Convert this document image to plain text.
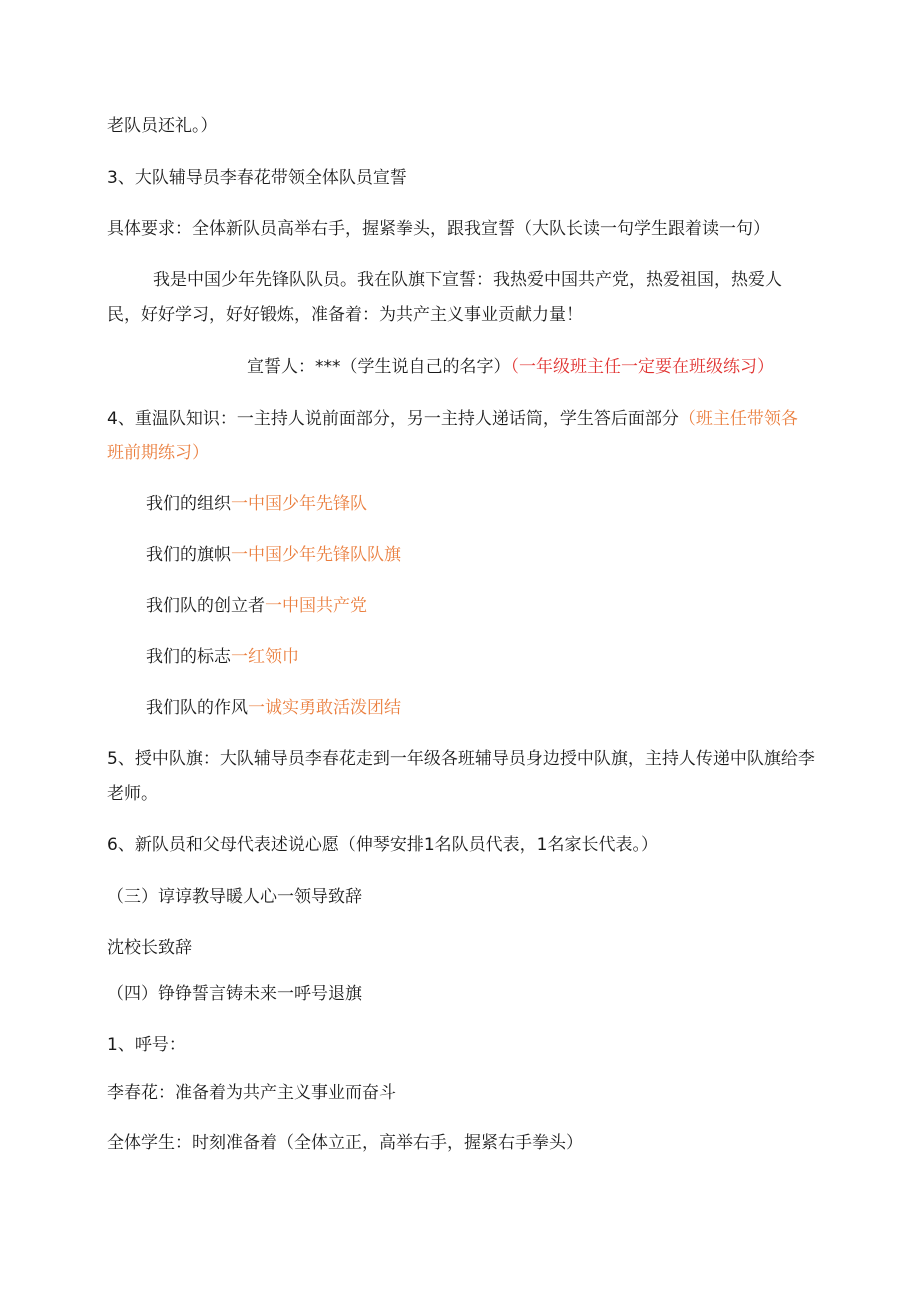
老队员还礼。）
3、大队辅导员李春花带领全体队员宣誓
具体要求：全体新队员高举右手，握紧拳头，跟我宣誓（大队长读一句学生跟着读一句）
我是中国少年先锋队队员。我在队旗下宣誓：我热爱中国共产党，热爱祖国，热爱人
民，好好学习，好好锻炼，准备着：为共产主义事业贡献力量！
宣誓人：***（学生说自己的名字）（一年级班主任一定要在班级练习）
4、重温队知识：一主持人说前面部分，另一主持人递话筒，学生答后面部分（班主任带领各
班前期练习）
我们的组织一中国少年先锋队
我们的旗帜一中国少年先锋队队旗
我们队的创立者一中国共产党
我们的标志一红领巾
我们队的作风一诚实勇敢活泼团结
5、授中队旗：大队辅导员李春花走到一年级各班辅导员身边授中队旗，主持人传递中队旗给李
老师。
6、新队员和父母代表述说心愿（伸琴安排1名队员代表，1名家长代表。）
（三）谆谆教导暖人心一领导致辞
沈校长致辞
（四）铮铮誓言铸未来一呼号退旗
1、呼号：
李春花：准备着为共产主义事业而奋斗
全体学生：时刻准备着（全体立正，高举右手，握紧右手拳头）
